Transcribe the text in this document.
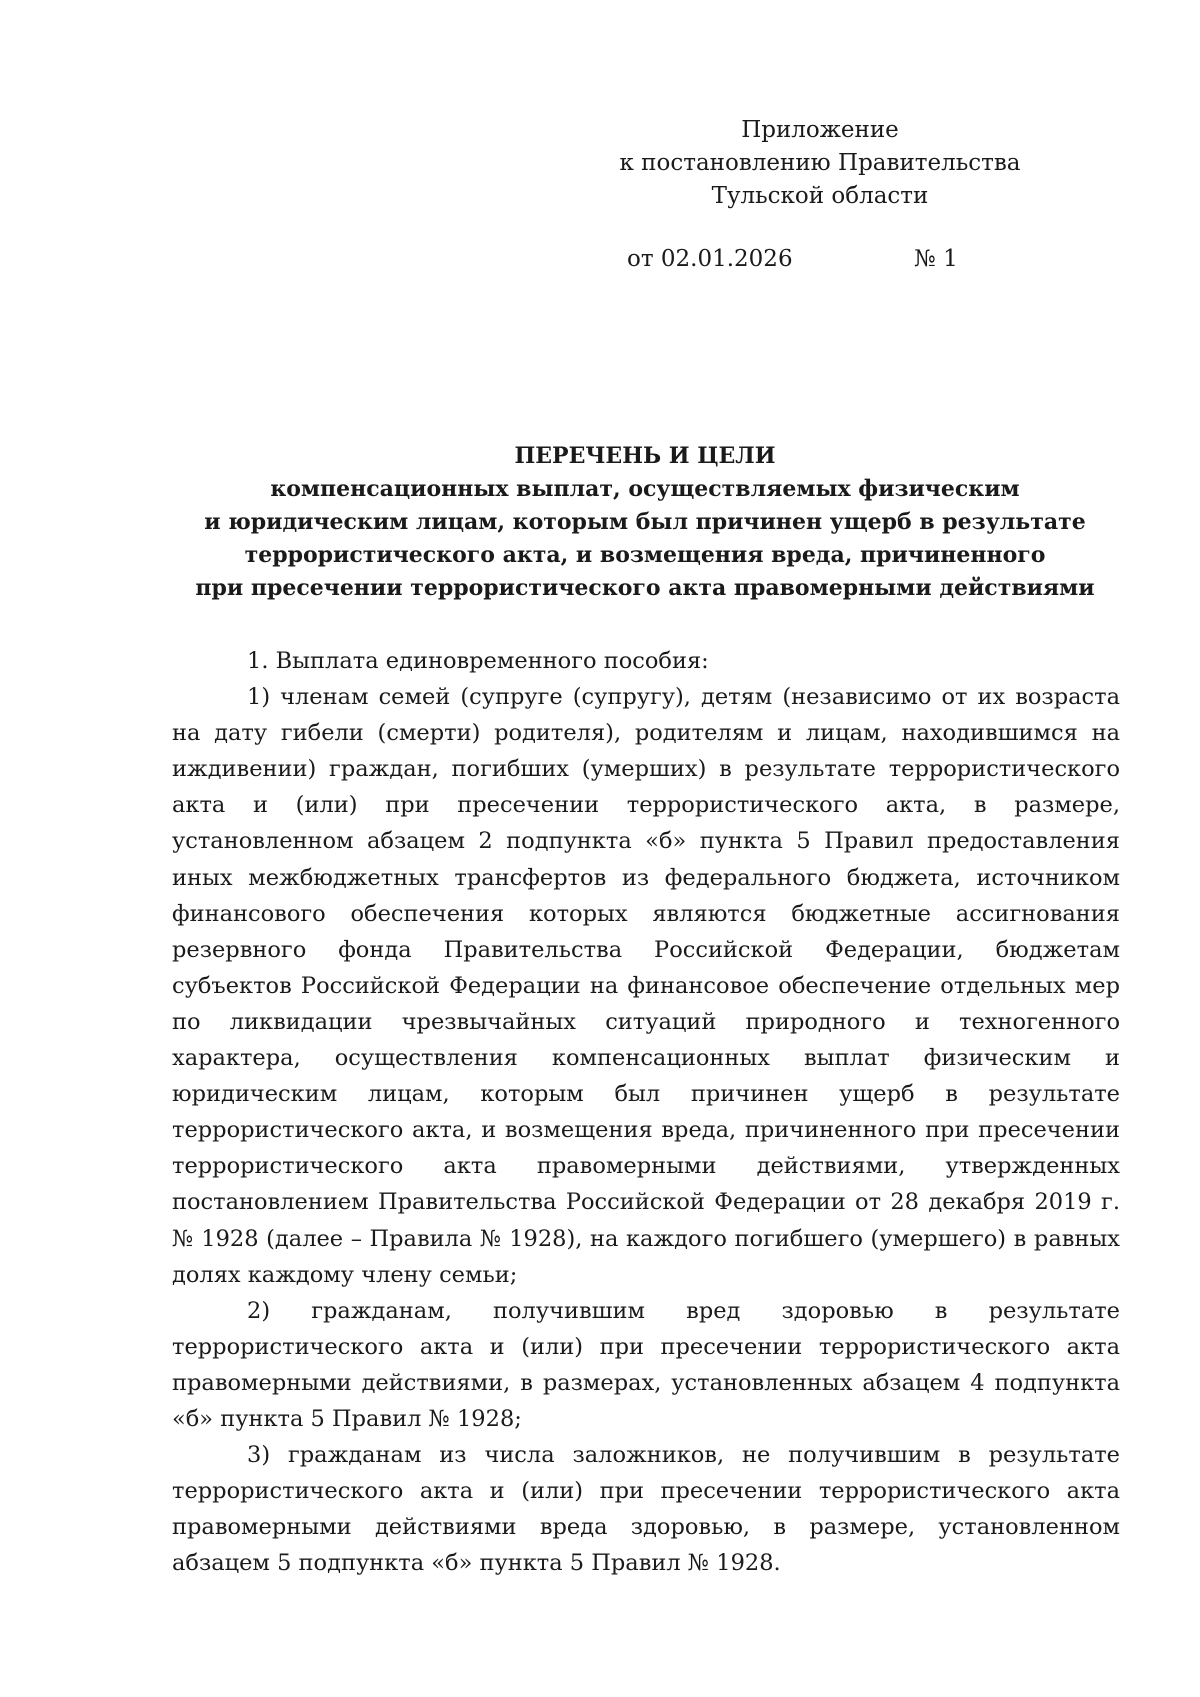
Приложение
к постановлению Правительства
Тульской области
от 02.01.2026	№ 1
ПЕРЕЧЕНЬ И ЦЕЛИ
компенсационных выплат, осуществляемых физическим
и юридическим лицам, которым был причинен ущерб в результате
террористического акта, и возмещения вреда, причиненного
при пресечении террористического акта правомерными действиями

1. Выплата единовременного пособия:

1) членам семей (супруге (супругу), детям (независимо от их возраста на дату гибели (смерти) родителя), родителям и лицам, находившимся на иждивении) граждан, погибших (умерших) в результате террористического акта и (или) при пресечении террористического акта, в размере, установленном абзацем 2 подпункта «б» пункта 5 Правил предоставления иных межбюджетных трансфертов из федерального бюджета, источником финансового обеспечения которых являются бюджетные ассигнования резервного фонда Правительства Российской Федерации, бюджетам субъектов Российской Федерации на финансовое обеспечение отдельных мер по ликвидации чрезвычайных ситуаций природного и техногенного характера, осуществления компенсационных выплат физическим и юридическим лицам, которым был причинен ущерб в результате террористического акта, и возмещения вреда, причиненного при пресечении террористического акта правомерными действиями, утвержденных постановлением Правительства Российской Федерации от 28 декабря 2019 г. № 1928 (далее – Правила № 1928), на каждого погибшего (умершего) в равных долях каждому члену семьи;

2) гражданам, получившим вред здоровью в результате террористического акта и (или) при пресечении террористического акта правомерными действиями, в размерах, установленных абзацем 4 подпункта «б» пункта 5 Правил № 1928;

3) гражданам из числа заложников, не получившим в результате террористического акта и (или) при пресечении террористического акта правомерными действиями вреда здоровью, в размере, установленном абзацем 5 подпункта «б» пункта 5 Правил № 1928.
